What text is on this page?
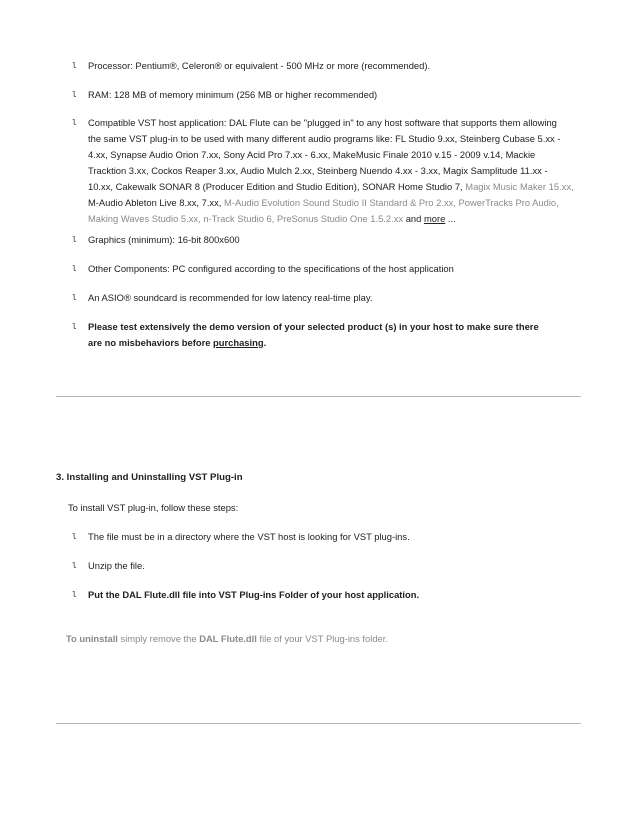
l Processor: Pentium®, Celeron® or equivalent - 500 MHz or more (recommended).
l RAM: 128 MB of memory minimum (256 MB or higher recommended)
l Compatible VST host application: DAL Flute can be "plugged in" to any host software that supports them allowing
the same VST plug-in to be used with many different audio programs like: FL Studio 9.xx, Steinberg Cubase 5.xx -
4.xx, Synapse Audio Orion 7.xx, Sony Acid Pro 7.xx - 6.xx, MakeMusic Finale 2010 v.15 - 2009 v.14, Mackie
Tracktion 3.xx, Cockos Reaper 3.xx, Audio Mulch 2.xx, Steinberg Nuendo 4.xx - 3.xx, Magix Samplitude 11.xx -
10.xx, Cakewalk SONAR 8 (Producer Edition and Studio Edition), SONAR Home Studio 7, Magix Music Maker 15.xx,
M-Audio Ableton Live 8.xx, 7.xx, M-Audio Evolution Sound Studio II Standard & Pro 2.xx, PowerTracks Pro Audio,
Making Waves Studio 5.xx, n-Track Studio 6, PreSonus Studio One 1.5.2.xx and more ...
l Graphics (minimum): 16-bit 800x600
l Other Components: PC configured according to the specifications of the host application
l An ASIO® soundcard is recommended for low latency real-time play.
l Please test extensively the demo version of your selected product (s) in your host to make sure there
are no misbehaviors before purchasing.
3. Installing and Uninstalling VST Plug-in
To install VST plug-in, follow these steps:
l The file must be in a directory where the VST host is looking for VST plug-ins.
l Unzip the file.
l Put the DAL Flute.dll file into VST Plug-ins Folder of your host application.
To uninstall simply remove the DAL Flute.dll file of your VST Plug-ins folder.
